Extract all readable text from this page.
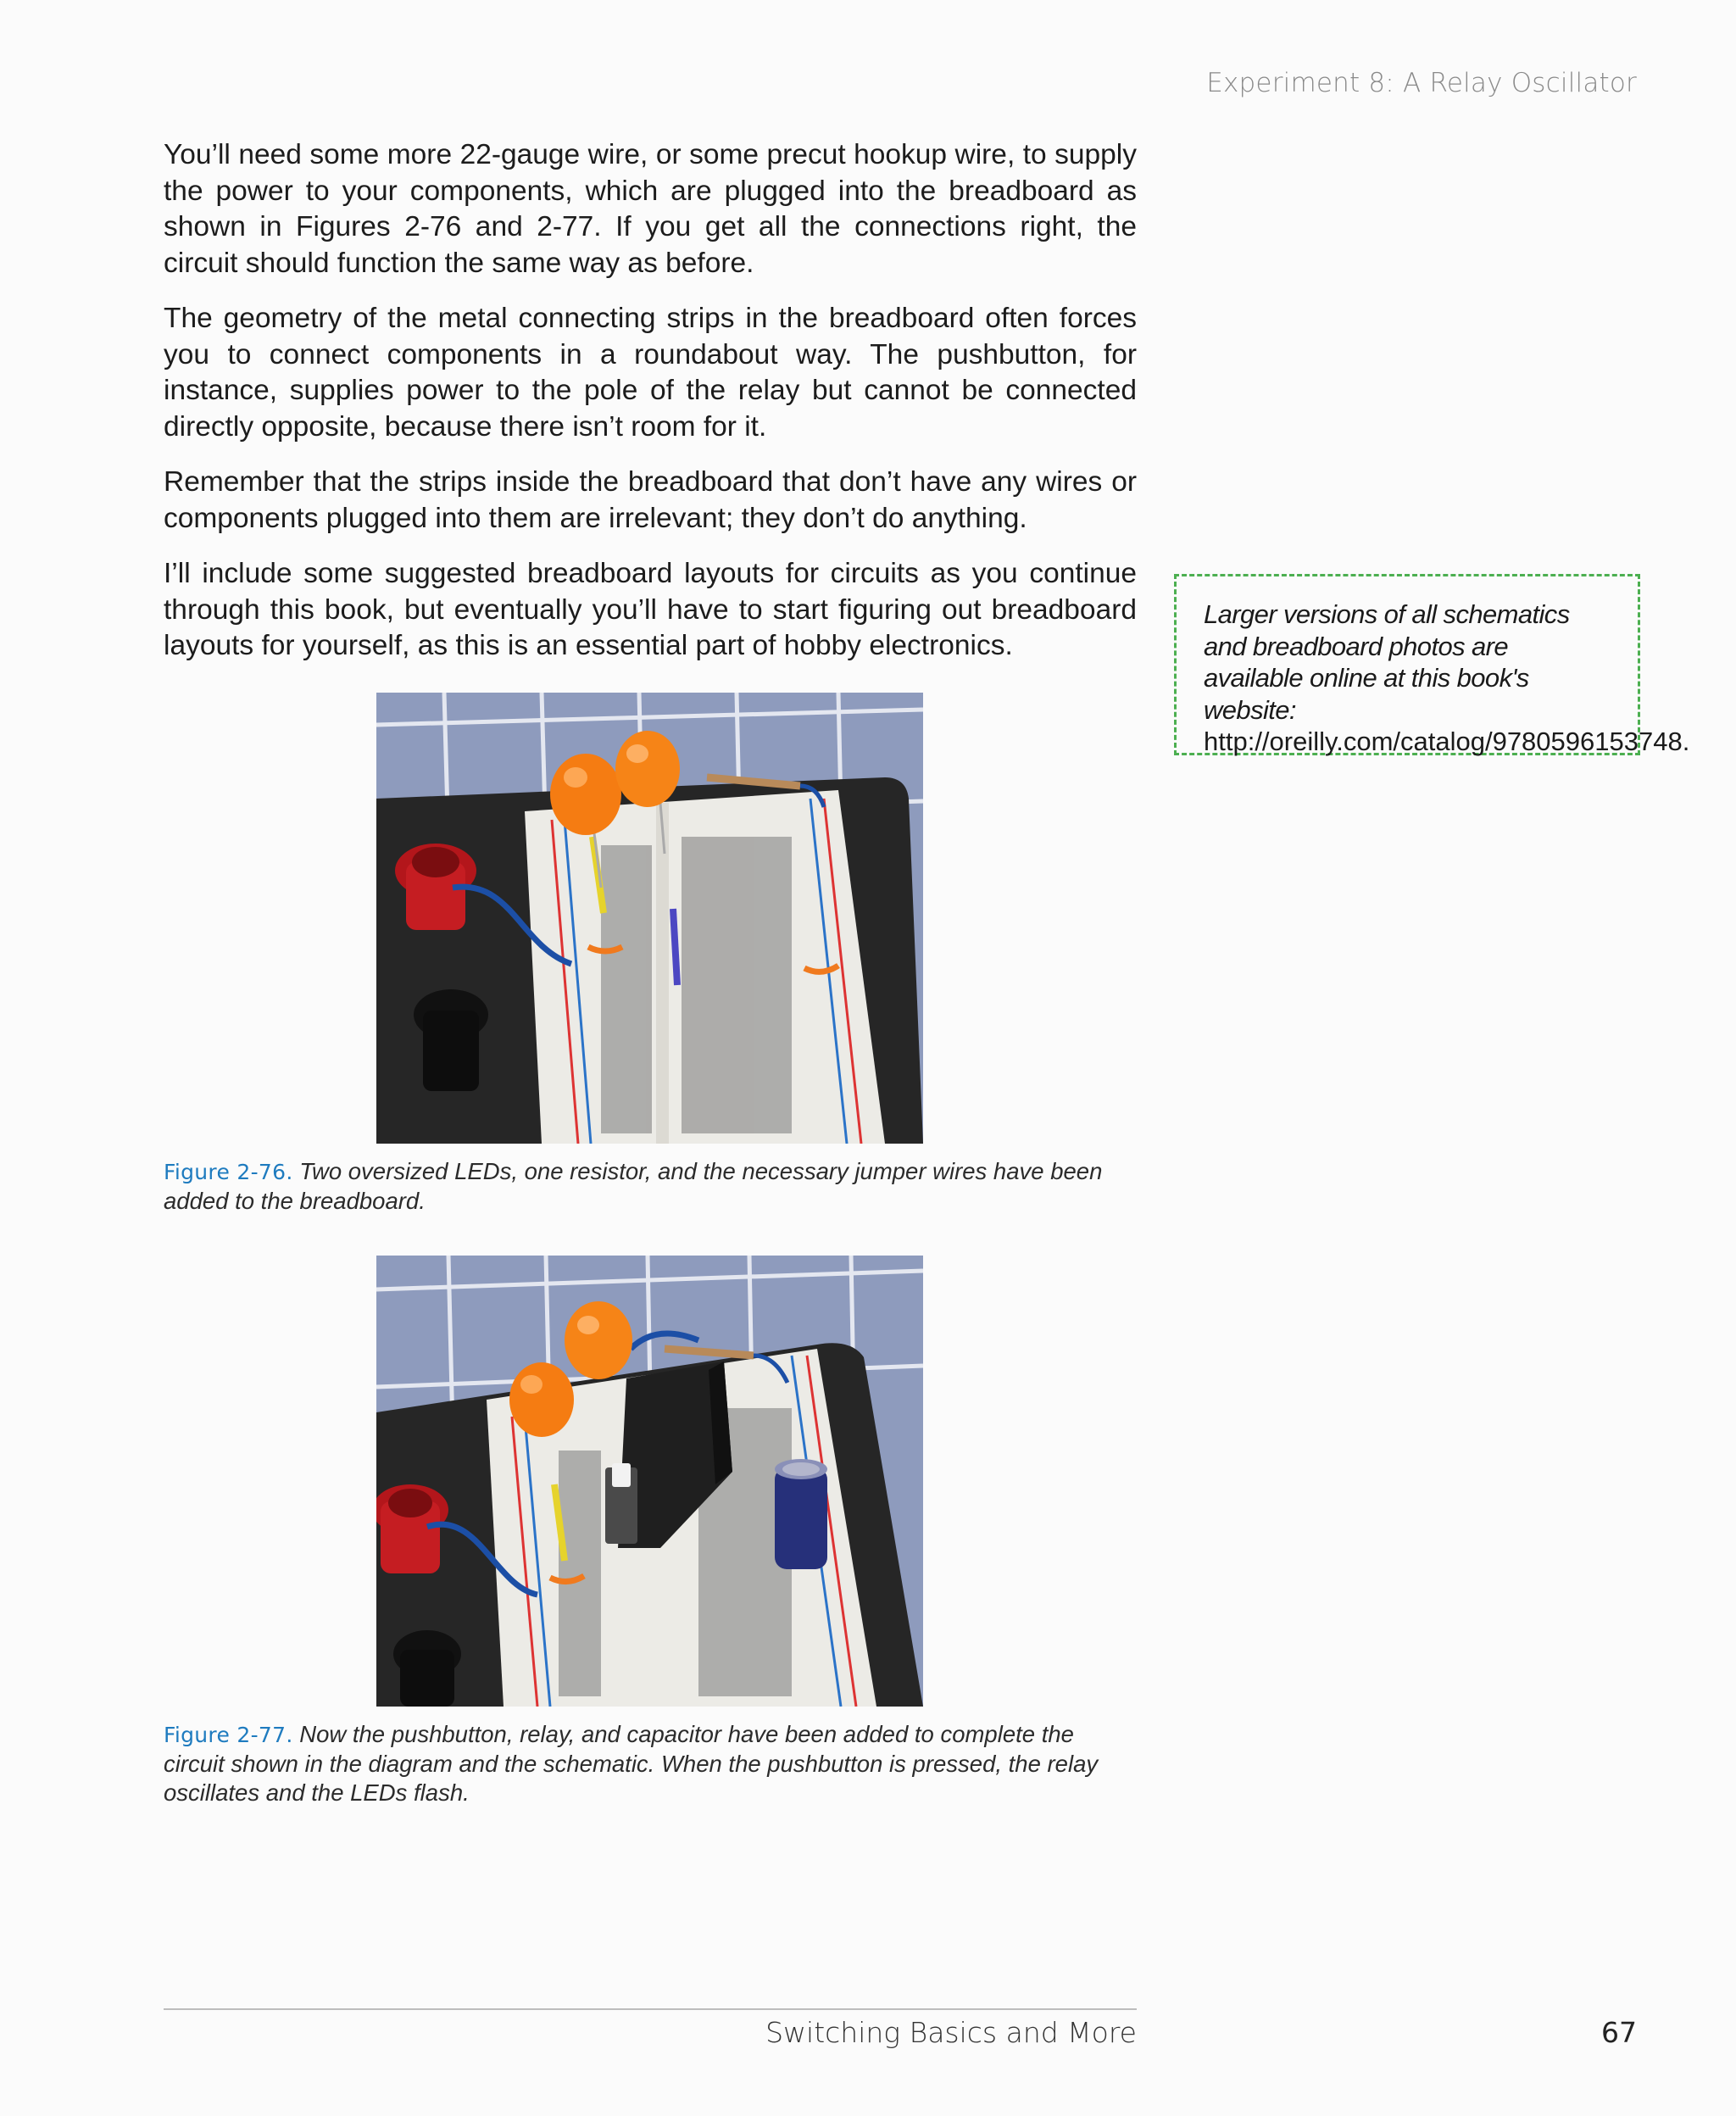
Experiment 8: A Relay Oscillator

You’ll need some more 22-gauge wire, or some precut hookup wire, to supply the power to your components, which are plugged into the breadboard as shown in Figures 2-76 and 2-77. If you get all the connections right, the circuit should function the same way as before.

The geometry of the metal connecting strips in the breadboard often forces you to connect components in a roundabout way. The pushbutton, for instance, supplies power to the pole of the relay but cannot be connected directly opposite, because there isn’t room for it.

Remember that the strips inside the breadboard that don’t have any wires or components plugged into them are irrelevant; they don’t do anything.

I’ll include some suggested breadboard layouts for circuits as you continue through this book, but eventually you’ll have to start figuring out breadboard layouts for yourself, as this is an essential part of hobby electronics.

Larger versions of all schematics and breadboard photos are available online at this book's website: http://oreilly.com/catalog/9780596153748.
Figure 2-76. Two oversized LEDs, one resistor, and the necessary jumper wires have been added to the breadboard.
Figure 2-77. Now the pushbutton, relay, and capacitor have been added to complete the circuit shown in the diagram and the schematic. When the pushbutton is pressed, the relay oscillates and the LEDs flash.
Switching Basics and More	67
